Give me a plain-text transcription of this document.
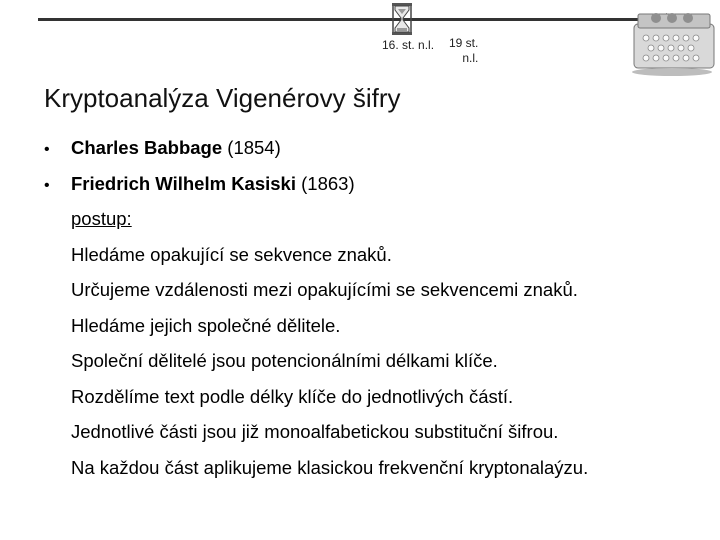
16. st. n.l. 19 st.
n.l.
Kryptoanalýza Vigenérovy šifry
•	Charles Babbage (1854)
•	Friedrich Wilhelm Kasiski (1863)
postup:
Hledáme opakující se sekvence znaků.
Určujeme vzdálenosti mezi opakujícími se sekvencemi znaků.
Hledáme jejich společné dělitele.
Společní dělitelé jsou potencionálními délkami klíče.
Rozdělíme text podle délky klíče do jednotlivých částí.
Jednotlivé části jsou již monoalfabetickou substituční šifrou.
Na každou část aplikujeme klasickou frekvenční kryptonalaýzu.
